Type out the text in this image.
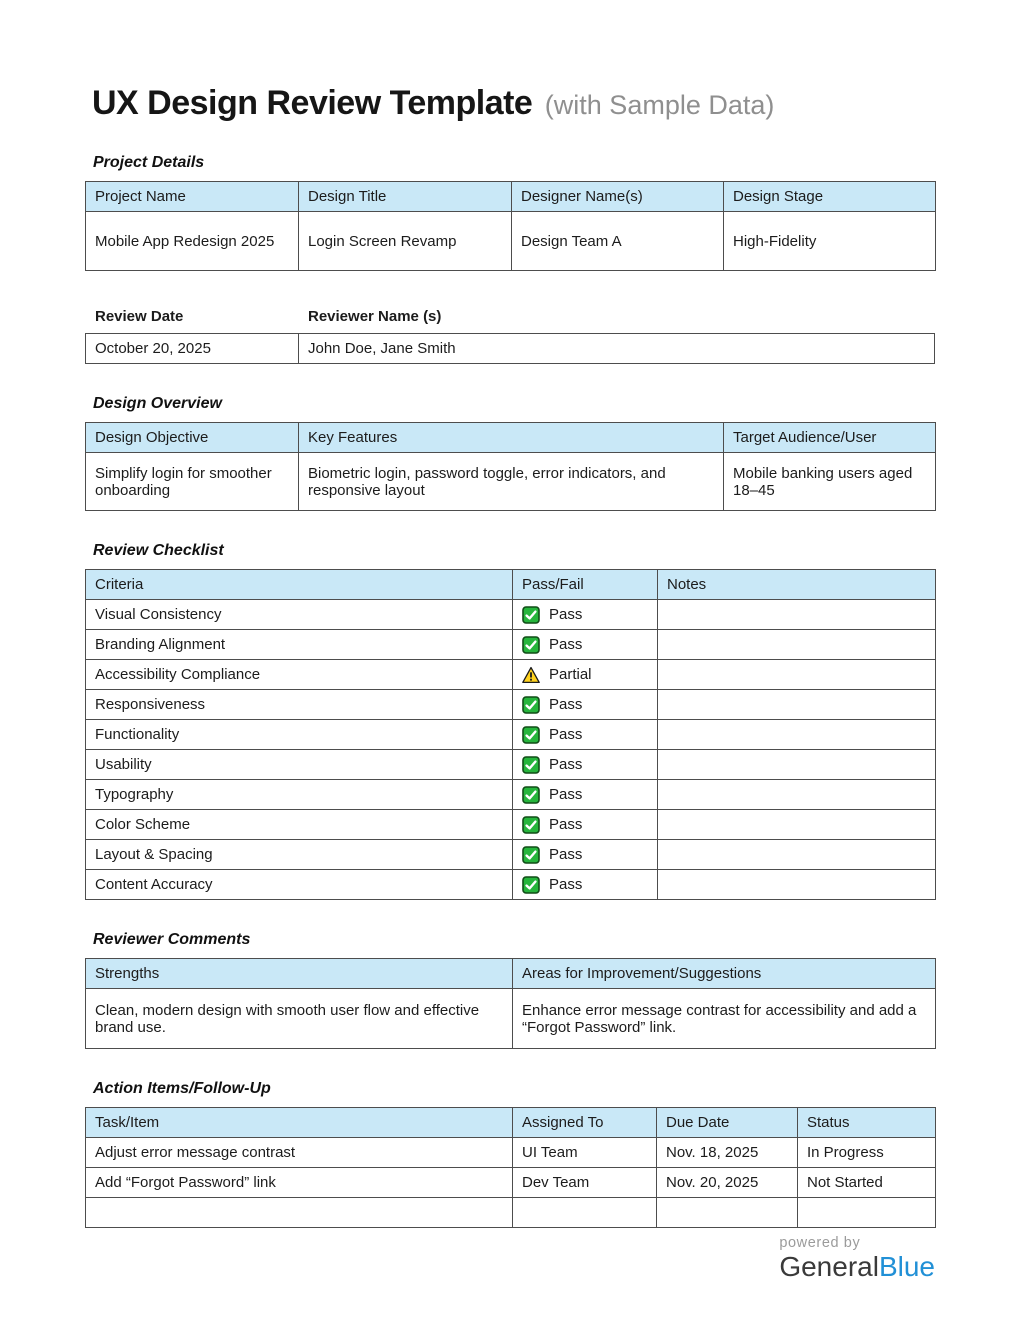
UX Design Review Template (with Sample Data)
Project Details
Project Name	Design Title	Designer Name(s)	Design Stage
Mobile App Redesign 2025	Login Screen Revamp	Design Team A	High-Fidelity
Review Date	Reviewer Name (s)
October 20, 2025	John Doe, Jane Smith
Design Overview
Design Objective	Key Features	Target Audience/User
Simplify login for smoother onboarding	Biometric login, password toggle, error indicators, and responsive layout	Mobile banking users aged 18–45
Review Checklist
Criteria	Pass/Fail	Notes
Visual Consistency	Pass	

Branding Alignment	Pass	

Accessibility Compliance	Partial	

Responsiveness	Pass	

Functionality	Pass	

Usability	Pass	

Typography	Pass	

Color Scheme	Pass	

Layout & Spacing	Pass	

Content Accuracy	Pass	

Reviewer Comments
Strengths	Areas for Improvement/Suggestions
Clean, modern design with smooth user flow and effective brand use.	Enhance error message contrast for accessibility and add a “Forgot Password” link.
Action Items/Follow-Up
Task/Item	Assigned To	Due Date	Status
Adjust error message contrast	UI Team	Nov. 18, 2025	In Progress
Add “Forgot Password” link	Dev Team	Nov. 20, 2025	Not Started

powered by
GeneralBlue
